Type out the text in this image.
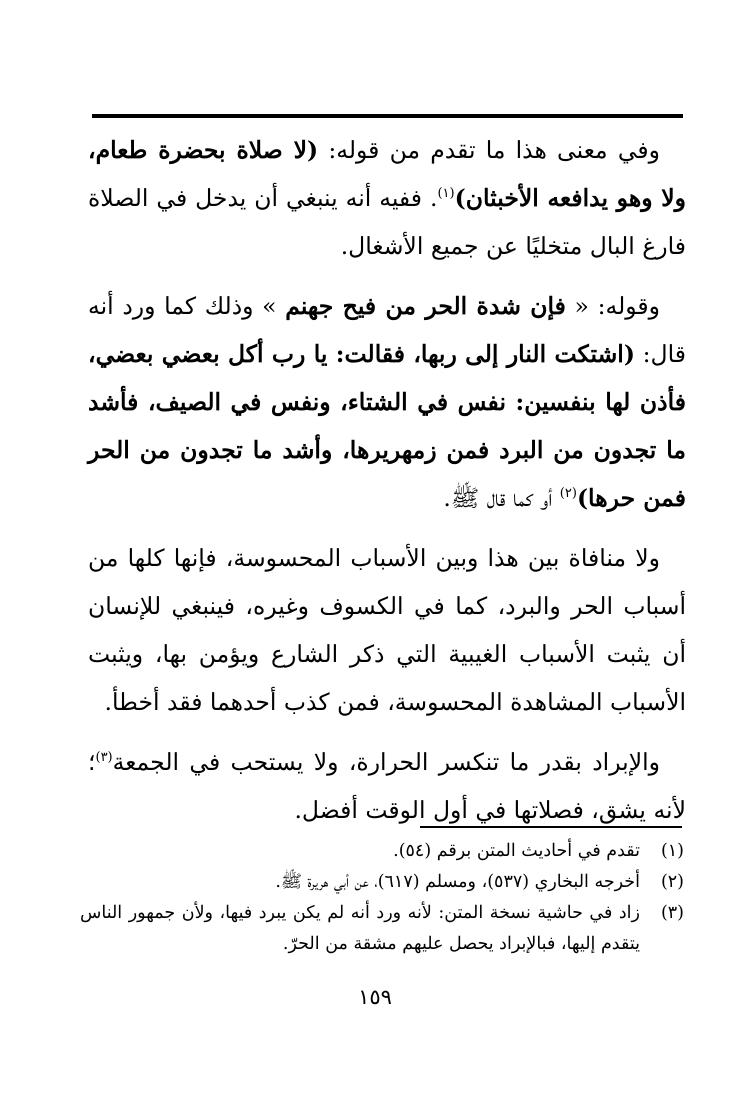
وفي معنى هذا ما تقدم من قوله: (لا صلاة بحضرة طعام، ولا وهو يدافعه الأخبثان)$^{(١)}$. ففيه أنه ينبغي أن يدخل في الصلاة فارغ البال متخليًا عن جميع الأشغال.

وقوله: « فإن شدة الحر من فيح جهنم » وذلك كما ورد أنه قال: (اشتكت النار إلى ربها، فقالت: يا رب أكل بعضي بعضي، فأذن لها بنفسين: نفس في الشتاء، ونفس في الصيف، فأشد ما تجدون من البرد فمن زمهريرها، وأشد ما تجدون من الحر فمن حرها)$^{(٢)}$ أو كما قال ﷺ.

ولا منافاة بين هذا وبين الأسباب المحسوسة، فإنها كلها من أسباب الحر والبرد، كما في الكسوف وغيره، فينبغي للإنسان أن يثبت الأسباب الغيبية التي ذكر الشارع ويؤمن بها، ويثبت الأسباب المشاهدة المحسوسة، فمن كذب أحدهما فقد أخطأ.

والإبراد بقدر ما تنكسر الحرارة، ولا يستحب في الجمعة$^{(٣)}$؛ لأنه يشق، فصلاتها في أول الوقت أفضل.

(١)
تقدم في أحاديث المتن برقم (٥٤).
(٢)
أخرجه البخاري (٥٣٧)، ومسلم (٦١٧)، عن أبي هريرة ﷺ.
(٣)
زاد في حاشية نسخة المتن: لأنه ورد أنه لم يكن يبرد فيها، ولأن جمهور الناس يتقدم إليها، فبالإبراد يحصل عليهم مشقة من الحرّ.
١٥٩
